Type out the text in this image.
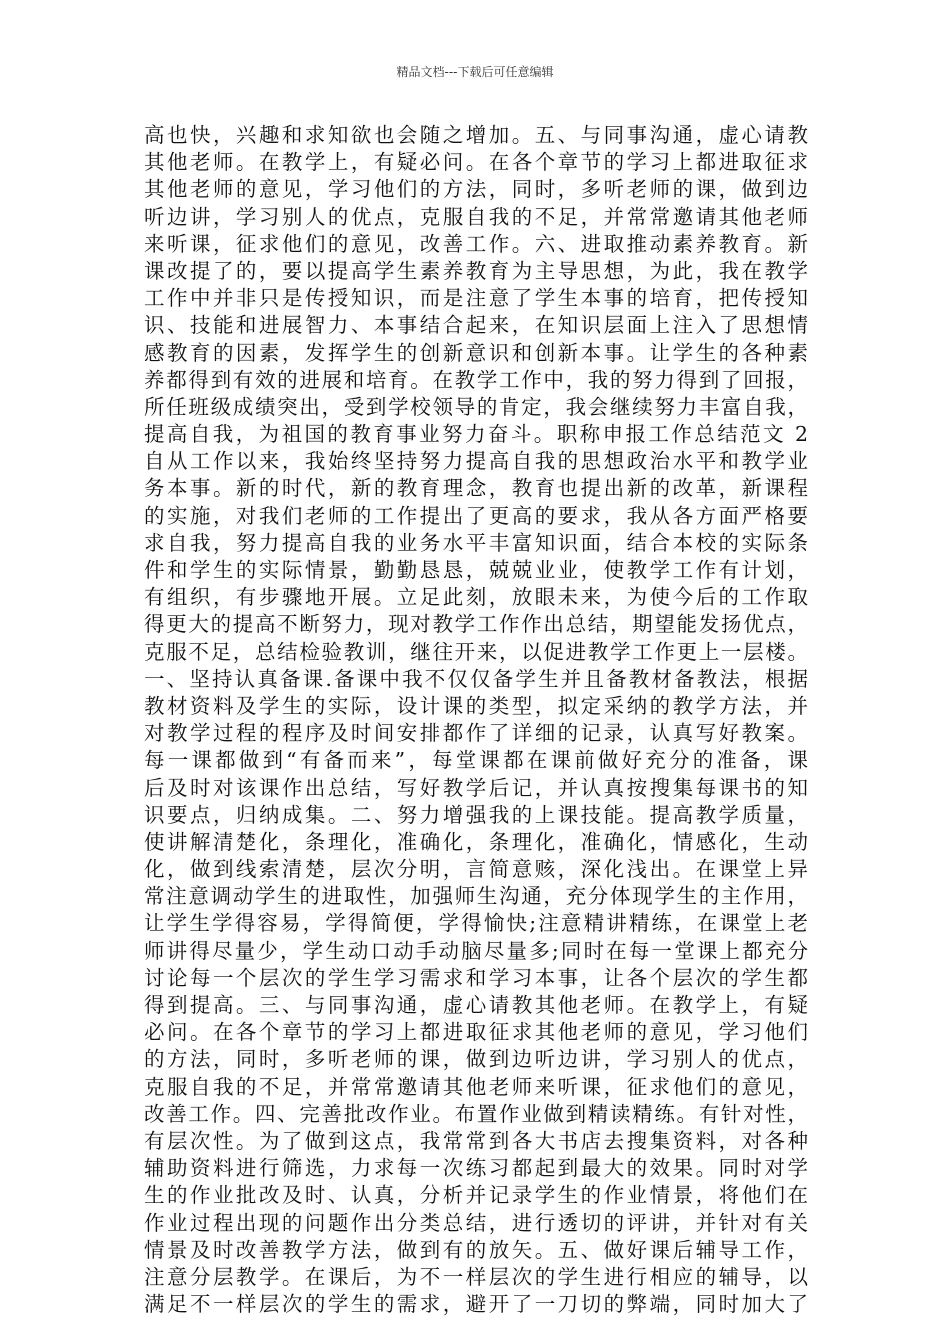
精品文档---下载后可任意编辑
高也快，兴趣和求知欲也会随之增加。五、与同事沟通，虚心请教
其他老师。在教学上，有疑必问。在各个章节的学习上都进取征求
其他老师的意见，学习他们的方法，同时，多听老师的课，做到边
听边讲，学习别人的优点，克服自我的不足，并常常邀请其他老师
来听课，征求他们的意见，改善工作。六、进取推动素养教育。新
课改提了的，要以提高学生素养教育为主导思想，为此，我在教学
工作中并非只是传授知识，而是注意了学生本事的培育，把传授知
识、技能和进展智力、本事结合起来，在知识层面上注入了思想情
感教育的因素，发挥学生的创新意识和创新本事。让学生的各种素
养都得到有效的进展和培育。在教学工作中，我的努力得到了回报，
所任班级成绩突出，受到学校领导的肯定，我会继续努力丰富自我，
提高自我，为祖国的教育事业努力奋斗。职称申报工作总结范文 2
自从工作以来，我始终坚持努力提高自我的思想政治水平和教学业
务本事。新的时代，新的教育理念，教育也提出新的改革，新课程
的实施，对我们老师的工作提出了更高的要求，我从各方面严格要
求自我，努力提高自我的业务水平丰富知识面，结合本校的实际条
件和学生的实际情景，勤勤恳恳，兢兢业业，使教学工作有计划，
有组织，有步骤地开展。立足此刻，放眼未来，为使今后的工作取
得更大的提高不断努力，现对教学工作作出总结，期望能发扬优点，
克服不足，总结检验教训，继往开来，以促进教学工作更上一层楼。
一、坚持认真备课.备课中我不仅仅备学生并且备教材备教法，根据
教材资料及学生的实际，设计课的类型，拟定采纳的教学方法，并
对教学过程的程序及时间安排都作了详细的记录，认真写好教案。
每一课都做到“有备而来”，每堂课都在课前做好充分的准备，课
后及时对该课作出总结，写好教学后记，并认真按搜集每课书的知
识要点，归纳成集。二、努力增强我的上课技能。提高教学质量，
使讲解清楚化，条理化，准确化，条理化，准确化，情感化，生动
化，做到线索清楚，层次分明，言简意赅，深化浅出。在课堂上异
常注意调动学生的进取性，加强师生沟通，充分体现学生的主作用，
让学生学得容易，学得简便，学得愉快;注意精讲精练，在课堂上老
师讲得尽量少，学生动口动手动脑尽量多;同时在每一堂课上都充分
讨论每一个层次的学生学习需求和学习本事，让各个层次的学生都
得到提高。三、与同事沟通，虚心请教其他老师。在教学上，有疑
必问。在各个章节的学习上都进取征求其他老师的意见，学习他们
的方法，同时，多听老师的课，做到边听边讲，学习别人的优点，
克服自我的不足，并常常邀请其他老师来听课，征求他们的意见，
改善工作。四、完善批改作业。布置作业做到精读精练。有针对性，
有层次性。为了做到这点，我常常到各大书店去搜集资料，对各种
辅助资料进行筛选，力求每一次练习都起到最大的效果。同时对学
生的作业批改及时、认真，分析并记录学生的作业情景，将他们在
作业过程出现的问题作出分类总结，进行透切的评讲，并针对有关
情景及时改善教学方法，做到有的放矢。五、做好课后辅导工作，
注意分层教学。在课后，为不一样层次的学生进行相应的辅导，以
满足不一样层次的学生的需求，避开了一刀切的弊端，同时加大了
